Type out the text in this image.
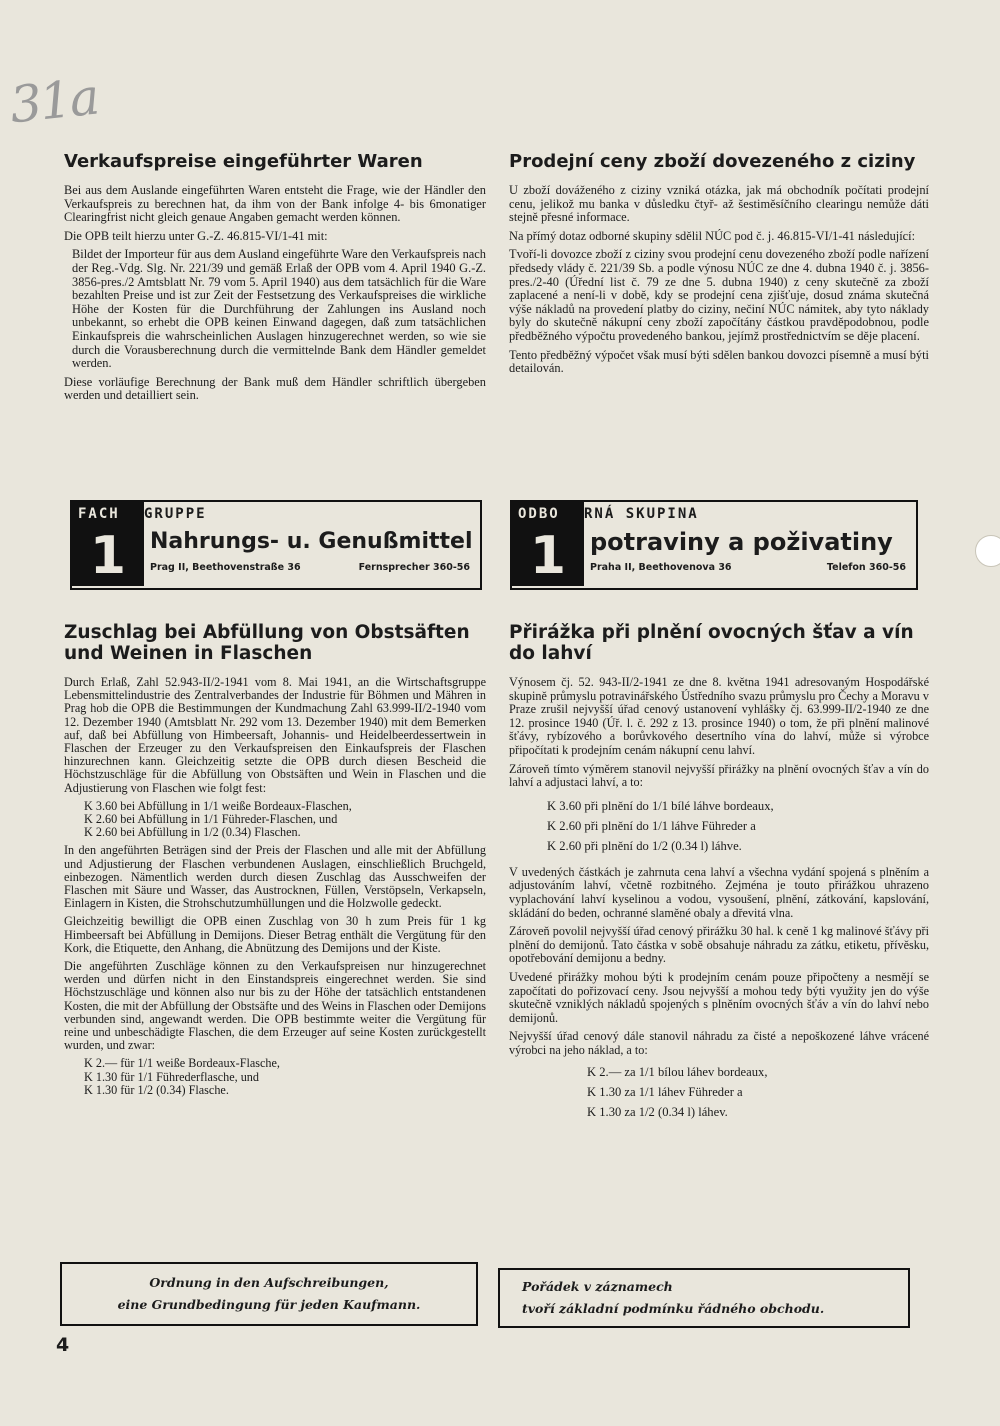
31a
Verkaufspreise eingeführter Waren

Bei aus dem Auslande eingeführten Waren entsteht die Frage, wie der Händler den Verkaufspreis zu berechnen hat, da ihm von der Bank infolge 4- bis 6monatiger Clearingfrist nicht gleich genaue Angaben gemacht werden können.

Die OPB teilt hierzu unter G.-Z. 46.815-VI/1-41 mit:

Bildet der Importeur für aus dem Ausland eingeführte Ware den Verkaufspreis nach der Reg.-Vdg. Slg. Nr. 221/39 und gemäß Erlaß der OPB vom 4. April 1940 G.-Z. 3856-pres./2 Amtsblatt Nr. 79 vom 5. April 1940) aus dem tatsächlich für die Ware bezahlten Preise und ist zur Zeit der Festsetzung des Verkaufspreises die wirkliche Höhe der Kosten für die Durchführung der Zahlungen ins Ausland noch unbekannt, so erhebt die OPB keinen Einwand dagegen, daß zum tatsächlichen Einkaufspreis die wahrscheinlichen Auslagen hinzugerechnet werden, so wie sie durch die Vorausberechnung durch die vermittelnde Bank dem Händler gemeldet werden.

Diese vorläufige Berechnung der Bank muß dem Händler schriftlich übergeben werden und detailliert sein.

Prodejní ceny zboží dovezeného z ciziny

U zboží dováženého z ciziny vzniká otázka, jak má obchodník počítati prodejní cenu, jelikož mu banka v důsledku čtyř- až šestiměsíčního clearingu nemůže dáti stejně přesné informace.

Na přímý dotaz odborné skupiny sdělil NÚC pod č. j. 46.815-VI/1-41 následující:

Tvoří-li dovozce zboží z ciziny svou prodejní cenu dovezeného zboží podle nařízení předsedy vlády č. 221/39 Sb. a podle výnosu NÚC ze dne 4. dubna 1940 č. j. 3856-pres./2-40 (Úřední list č. 79 ze dne 5. dubna 1940) z ceny skutečně za zboží zaplacené a není-li v době, kdy se prodejní cena zjišťuje, dosud známa skutečná výše nákladů na provedení platby do ciziny, nečiní NÚC námitek, aby tyto náklady byly do skutečně nákupní ceny zboží započítány částkou pravděpodobnou, podle předběžného výpočtu provedeného bankou, jejímž prostřednictvím se děje placení.

Tento předběžný výpočet však musí býti sdělen bankou dovozci písemně a musí býti detailován.

FACH GRUPPE
1	Nahrungs- u. Genußmittel
Prag II, Beethovenstraße 36	Fernsprecher 360-56
ODBO RNÁ SKUPINA
1 potraviny a poživatiny
Praha II, Beethovenova 36	Telefon 360-56
Zuschlag bei Abfüllung von Obstsäften und Weinen in Flaschen

Durch Erlaß, Zahl 52.943-II/2-1941 vom 8. Mai 1941, an die Wirtschaftsgruppe Lebensmittelindustrie des Zentralverbandes der Industrie für Böhmen und Mähren in Prag hob die OPB die Bestimmungen der Kundmachung Zahl 63.999-II/2-1940 vom 12. Dezember 1940 (Amtsblatt Nr. 292 vom 13. Dezember 1940) mit dem Bemerken auf, daß bei Abfüllung von Himbeersaft, Johannis- und Heidelbeerdessertwein in Flaschen der Erzeuger zu den Verkaufspreisen den Einkaufspreis der Flaschen hinzurechnen kann. Gleichzeitig setzte die OPB durch diesen Bescheid die Höchstzuschläge für die Abfüllung von Obstsäften und Wein in Flaschen und die Adjustierung von Flaschen wie folgt fest:

K 3.60 bei Abfüllung in 1/1 weiße Bordeaux-Flaschen,
K 2.60 bei Abfüllung in 1/1 Führeder-Flaschen, und
K 2.60 bei Abfüllung in 1/2 (0.34) Flaschen.

In den angeführten Beträgen sind der Preis der Flaschen und alle mit der Abfüllung und Adjustierung der Flaschen verbundenen Auslagen, einschließlich Bruchgeld, einbezogen. Nämentlich werden durch diesen Zuschlag das Ausschweifen der Flaschen mit Säure und Wasser, das Austrocknen, Füllen, Verstöpseln, Verkapseln, Einlagern in Kisten, die Strohschutzumhüllungen und die Holzwolle gedeckt.

Gleichzeitig bewilligt die OPB einen Zuschlag von 30 h zum Preis für 1 kg Himbeersaft bei Abfüllung in Demijons. Dieser Betrag enthält die Vergütung für den Kork, die Etiquette, den Anhang, die Abnützung des Demijons und der Kiste.

Die angeführten Zuschläge können zu den Verkaufspreisen nur hinzugerechnet werden und dürfen nicht in den Einstandspreis eingerechnet werden. Sie sind Höchstzuschläge und können also nur bis zu der Höhe der tatsächlich entstandenen Kosten, die mit der Abfüllung der Obstsäfte und des Weins in Flaschen oder Demijons verbunden sind, angewandt werden. Die OPB bestimmte weiter die Vergütung für reine und unbeschädigte Flaschen, die dem Erzeuger auf seine Kosten zurückgestellt wurden, und zwar:

K 2.— für 1/1 weiße Bordeaux-Flasche,
K 1.30 für 1/1 Führederflasche, und
K 1.30 für 1/2 (0.34) Flasche.
Přirážka při plnění ovocných šťav a vín do lahví

Výnosem čj. 52. 943-II/2-1941 ze dne 8. května 1941 adresovaným Hospodářské skupině průmyslu potravinářského Ústředního svazu průmyslu pro Čechy a Moravu v Praze zrušil nejvyšší úřad cenový ustanovení vyhlášky čj. 63.999-II/2-1940 ze dne 12. prosince 1940 (Úř. l. č. 292 z 13. prosince 1940) o tom, že při plnění malinové šťávy, rybízového a borůvkového desertního vína do lahví, může si výrobce připočítati k prodejním cenám nákupní cenu lahví.

Zároveň tímto výměrem stanovil nejvyšší přirážky na plnění ovocných šťav a vín do lahví a adjustaci lahví, a to:

K 3.60 při plnění do 1/1 bílé láhve bordeaux,
K 2.60 při plnění do 1/1 láhve Führeder a
K 2.60 při plnění do 1/2 (0.34 l) láhve.

V uvedených částkách je zahrnuta cena lahví a všechna vydání spojená s plněním a adjustováním lahví, včetně rozbitného. Zejména je touto přirážkou uhrazeno vyplachování lahví kyselinou a vodou, vysoušení, plnění, zátkování, kapslování, skládání do beden, ochranné slaměné obaly a dřevitá vlna.

Zároveň povolil nejvyšší úřad cenový přirážku 30 hal. k ceně 1 kg malinové šťávy při plnění do demijonů. Tato částka v sobě obsahuje náhradu za zátku, etiketu, přívěsku, opotřebování demijonu a bedny.

Uvedené přirážky mohou býti k prodejním cenám pouze připočteny a nesmějí se započítati do pořizovací ceny. Jsou nejvyšší a mohou tedy býti využity jen do výše skutečně vzniklých nákladů spojených s plněním ovocných šťáv a vín do lahví nebo demijonů.

Nejvyšší úřad cenový dále stanovil náhradu za čisté a nepoškozené láhve vrácené výrobci na jeho náklad, a to:

K 2.— za 1/1 bílou láhev bordeaux,
K 1.30 za 1/1 láhev Führeder a
K 1.30 za 1/2 (0.34 l) láhev.
Ordnung in den Aufschreibungen,
eine Grundbedingung für jeden Kaufmann.
Pořádek v záznamech
tvoří základní podmínku řádného obchodu.
4
